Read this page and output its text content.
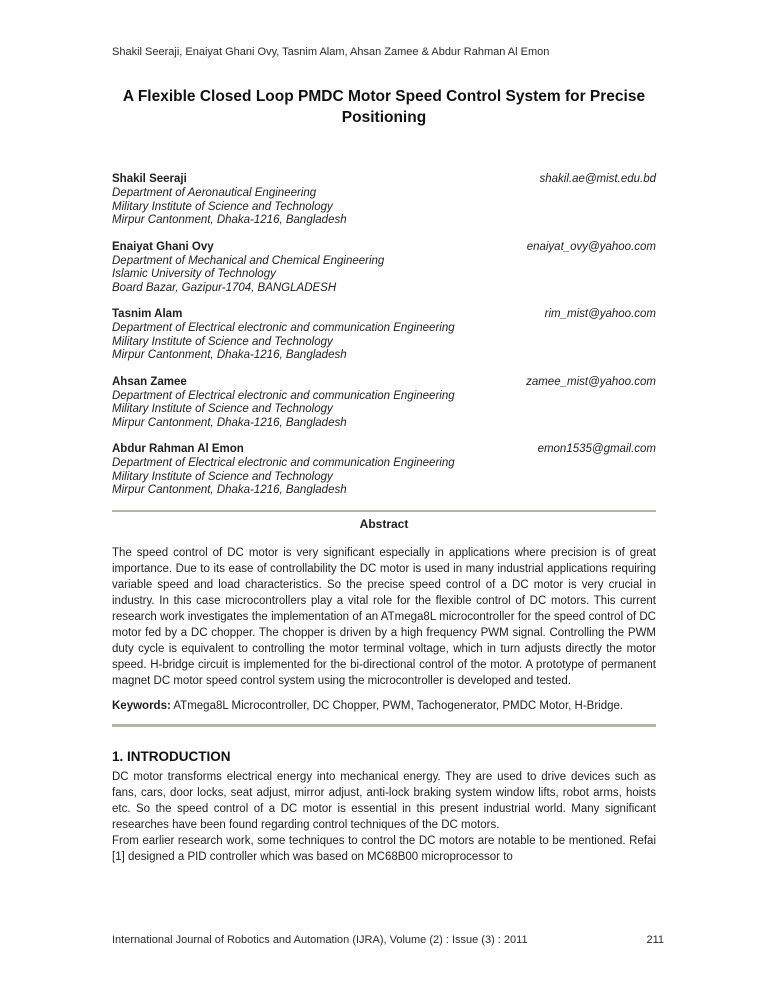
Shakil Seeraji, Enaiyat Ghani Ovy, Tasnim Alam, Ahsan Zamee & Abdur Rahman Al Emon
A Flexible Closed Loop PMDC Motor Speed Control System for Precise Positioning
Shakil Seeraji	shakil.ae@mist.edu.bd
Department of Aeronautical Engineering
Military Institute of Science and Technology
Mirpur Cantonment, Dhaka-1216, Bangladesh
Enaiyat Ghani Ovy	enaiyat_ovy@yahoo.com
Department of Mechanical and Chemical Engineering
Islamic University of Technology
Board Bazar, Gazipur-1704, BANGLADESH
Tasnim Alam	rim_mist@yahoo.com
Department of Electrical electronic and communication Engineering
Military Institute of Science and Technology
Mirpur Cantonment, Dhaka-1216, Bangladesh
Ahsan Zamee	zamee_mist@yahoo.com
Department of Electrical electronic and communication Engineering
Military Institute of Science and Technology
Mirpur Cantonment, Dhaka-1216, Bangladesh
Abdur Rahman Al Emon	emon1535@gmail.com
Department of Electrical electronic and communication Engineering
Military Institute of Science and Technology
Mirpur Cantonment, Dhaka-1216, Bangladesh
Abstract

The speed control of DC motor is very significant especially in applications where precision is of great importance. Due to its ease of controllability the DC motor is used in many industrial applications requiring variable speed and load characteristics. So the precise speed control of a DC motor is very crucial in industry. In this case microcontrollers play a vital role for the flexible control of DC motors. This current research work investigates the implementation of an ATmega8L microcontroller for the speed control of DC motor fed by a DC chopper. The chopper is driven by a high frequency PWM signal. Controlling the PWM duty cycle is equivalent to controlling the motor terminal voltage, which in turn adjusts directly the motor speed. H-bridge circuit is implemented for the bi-directional control of the motor. A prototype of permanent magnet DC motor speed control system using the microcontroller is developed and tested.

Keywords: ATmega8L Microcontroller, DC Chopper, PWM, Tachogenerator, PMDC Motor, H-Bridge.

1. INTRODUCTION

DC motor transforms electrical energy into mechanical energy. They are used to drive devices such as fans, cars, door locks, seat adjust, mirror adjust, anti-lock braking system window lifts, robot arms, hoists etc. So the speed control of a DC motor is essential in this present industrial world. Many significant researches have been found regarding control techniques of the DC motors.

From earlier research work, some techniques to control the DC motors are notable to be mentioned. Refai [1] designed a PID controller which was based on MC68B00 microprocessor to

International Journal of Robotics and Automation (IJRA), Volume (2) : Issue (3) : 2011	211
